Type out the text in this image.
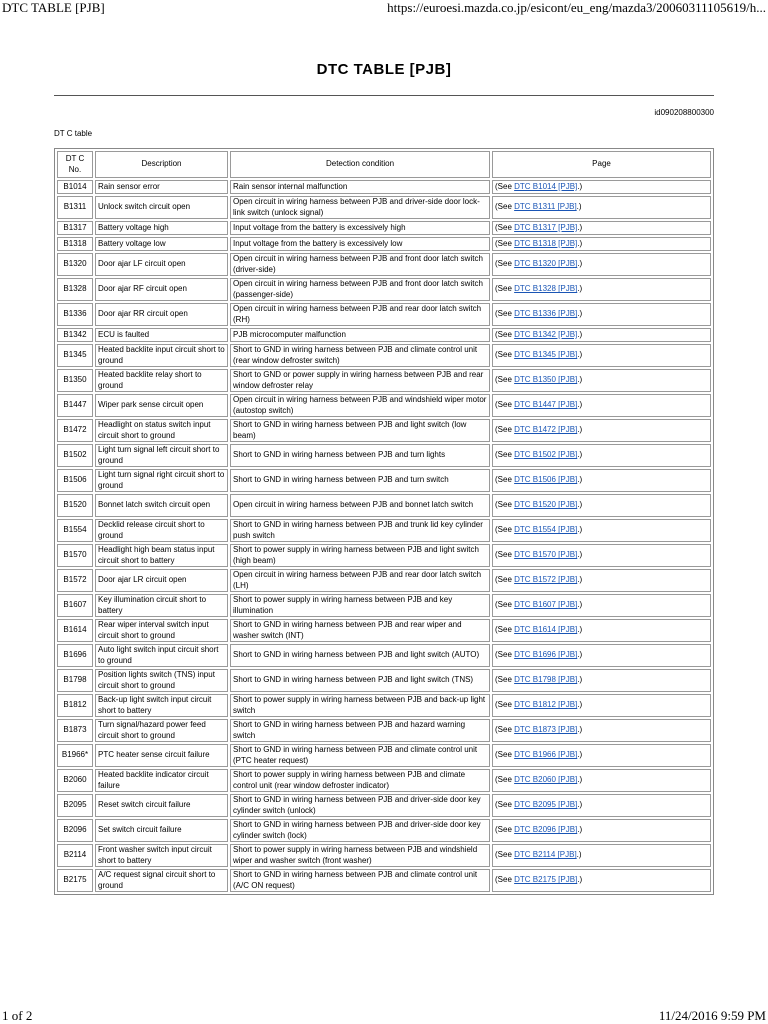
DTC TABLE [PJB]	https://euroesi.mazda.co.jp/esicont/eu_eng/mazda3/20060311105619/h...
DTC TABLE [PJB]
id090208800300
DT C table
DT C No.	Description	Detection condition	Page
B1014	Rain sensor error	Rain sensor internal malfunction	(See DTC B1014 [PJB].)
B1311	Unlock switch circuit open	Open circuit in wiring harness between PJB and driver-side door lock-link switch (unlock signal)	(See DTC B1311 [PJB].)
B1317	Battery voltage high	Input voltage from the battery is excessively high	(See DTC B1317 [PJB].)
B1318	Battery voltage low	Input voltage from the battery is excessively low	(See DTC B1318 [PJB].)
B1320	Door ajar LF circuit open	Open circuit in wiring harness between PJB and front door latch switch (driver-side)	(See DTC B1320 [PJB].)
B1328	Door ajar RF circuit open	Open circuit in wiring harness between PJB and front door latch switch (passenger-side)	(See DTC B1328 [PJB].)
B1336	Door ajar RR circuit open	Open circuit in wiring harness between PJB and rear door latch switch (RH)	(See DTC B1336 [PJB].)
B1342	ECU is faulted	PJB microcomputer malfunction	(See DTC B1342 [PJB].)
B1345	Heated backlite input circuit short to ground	Short to GND in wiring harness between PJB and climate control unit (rear window defroster switch)	(See DTC B1345 [PJB].)
B1350	Heated backlite relay short to ground	Short to GND or power supply in wiring harness between PJB and rear window defroster relay	(See DTC B1350 [PJB].)
B1447	Wiper park sense circuit open	Open circuit in wiring harness between PJB and windshield wiper motor (autostop switch)	(See DTC B1447 [PJB].)
B1472	Headlight on status switch input circuit short to ground	Short to GND in wiring harness between PJB and light switch (low beam)	(See DTC B1472 [PJB].)
B1502	Light turn signal left circuit short to ground	Short to GND in wiring harness between PJB and turn lights	(See DTC B1502 [PJB].)
B1506	Light turn signal right circuit short to ground	Short to GND in wiring harness between PJB and turn switch	(See DTC B1506 [PJB].)
B1520	Bonnet latch switch circuit open	Open circuit in wiring harness between PJB and bonnet latch switch	(See DTC B1520 [PJB].)
B1554	Decklid release circuit short to ground	Short to GND in wiring harness between PJB and trunk lid key cylinder push switch	(See DTC B1554 [PJB].)
B1570	Headlight high beam status input circuit short to battery	Short to power supply in wiring harness between PJB and light switch (high beam)	(See DTC B1570 [PJB].)
B1572	Door ajar LR circuit open	Open circuit in wiring harness between PJB and rear door latch switch (LH)	(See DTC B1572 [PJB].)
B1607	Key illumination circuit short to battery	Short to power supply in wiring harness between PJB and key illumination	(See DTC B1607 [PJB].)
B1614	Rear wiper interval switch input circuit short to ground	Short to GND in wiring harness between PJB and rear wiper and washer switch (INT)	(See DTC B1614 [PJB].)
B1696	Auto light switch input circuit short to ground	Short to GND in wiring harness between PJB and light switch (AUTO)	(See DTC B1696 [PJB].)
B1798	Position lights switch (TNS) input circuit short to ground	Short to GND in wiring harness between PJB and light switch (TNS)	(See DTC B1798 [PJB].)
B1812	Back-up light switch input circuit short to battery	Short to power supply in wiring harness between PJB and back-up light switch	(See DTC B1812 [PJB].)
B1873	Turn signal/hazard power feed circuit short to ground	Short to GND in wiring harness between PJB and hazard warning switch	(See DTC B1873 [PJB].)
B1966*	PTC heater sense circuit failure	Short to GND in wiring harness between PJB and climate control unit (PTC heater request)	(See DTC B1966 [PJB].)
B2060	Heated backlite indicator circuit failure	Short to power supply in wiring harness between PJB and climate control unit (rear window defroster indicator)	(See DTC B2060 [PJB].)
B2095	Reset switch circuit failure	Short to GND in wiring harness between PJB and driver-side door key cylinder switch (unlock)	(See DTC B2095 [PJB].)
B2096	Set switch circuit failure	Short to GND in wiring harness between PJB and driver-side door key cylinder switch (lock)	(See DTC B2096 [PJB].)
B2114	Front washer switch input circuit short to battery	Short to power supply in wiring harness between PJB and windshield wiper and washer switch (front washer)	(See DTC B2114 [PJB].)
B2175	A/C request signal circuit short to ground	Short to GND in wiring harness between PJB and climate control unit (A/C ON request)	(See DTC B2175 [PJB].)
1 of 2	11/24/2016 9:59 PM
